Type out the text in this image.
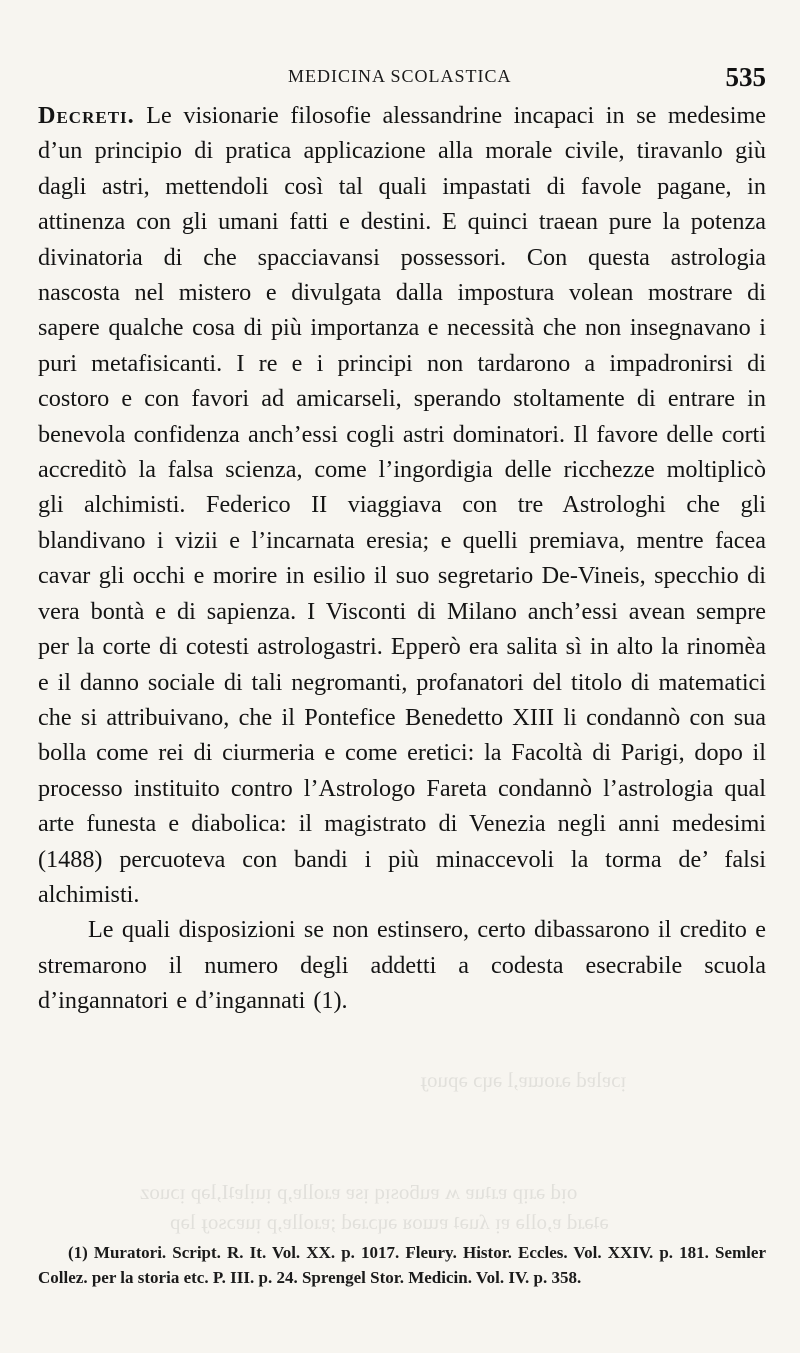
ᴉɔɐlɐd ǝɹoɯɐ,l ǝɥɔ ǝpuoɟ
oᴉd ǝɹᴉp ɐɹʇuɐ ʍ ɐuƃosᴉq ᴉsɐ ɐɹollɐ,p ᴉuᴉlɐʇI,lǝp ᴉɔuoz
ǝʇǝɹd ɐ,ollǝ ɐᴉ ʎuǝʇ ɐɯoᴚ ǝɥɔɹǝd ;ɐɹollɐ,p ᴉuɐɔsoɟ lǝp
MEDICINA SCOLASTICA	535

Decreti. Le visionarie filosofie alessandrine incapaci in se medesime d’un principio di pratica applicazione alla morale civile, tiravanlo giù dagli astri, mettendoli così tal quali impastati di favole pagane, in attinenza con gli umani fatti e destini. E quinci traean pure la potenza divinatoria di che spacciavansi possessori. Con questa astrologia nascosta nel mistero e divulgata dalla impostura volean mostrare di sapere qualche cosa di più importanza e necessità che non insegnavano i puri metafisicanti. I re e i principi non tardarono a impadronirsi di costoro e con favori ad amicarseli, sperando stoltamente di entrare in benevola confidenza anch’essi cogli astri dominatori. Il favore delle corti accreditò la falsa scienza, come l’ingordigia delle ricchezze moltiplicò gli alchimisti. Federico II viaggiava con tre Astrologhi che gli blandivano i vizii e l’incarnata eresia; e quelli premiava, mentre facea cavar gli occhi e morire in esilio il suo segretario De-Vineis, specchio di vera bontà e di sapienza. I Visconti di Milano anch’essi avean sempre per la corte di cotesti astrologastri. Epperò era salita sì in alto la rinomèa e il danno sociale di tali negromanti, profanatori del titolo di matematici che si attribuivano, che il Pontefice Benedetto XIII li condannò con sua bolla come rei di ciurmeria e come eretici: la Facoltà di Parigi, dopo il processo instituito contro l’Astrologo Fareta condannò l’astrologia qual arte funesta e diabolica: il magistrato di Venezia negli anni medesimi (1488) percuoteva con bandi i più minaccevoli la torma de’ falsi alchimisti.

Le quali disposizioni se non estinsero, certo dibassarono il credito e stremarono il numero degli addetti a codesta esecrabile scuola d’ingannatori e d’ingannati (1).

(1) Muratori. Script. R. It. Vol. XX. p. 1017. Fleury. Histor. Eccles. Vol. XXIV. p. 181. Semler Collez. per la storia etc. P. III. p. 24. Sprengel Stor. Medicin. Vol. IV. p. 358.
